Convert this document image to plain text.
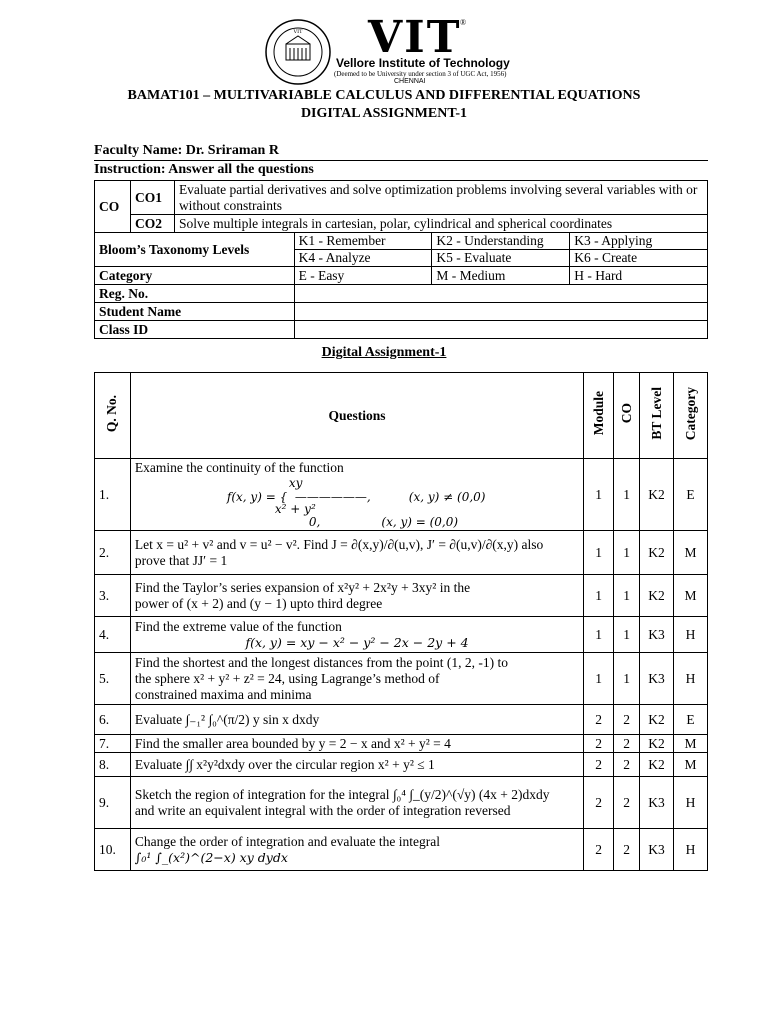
VIT VIT
®
Vellore Institute of Technology
(Deemed to be University under section 3 of UGC Act, 1956)
CHENNAI
BAMAT101 – MULTIVARIABLE CALCULUS AND DIFFERENTIAL EQUATIONS
DIGITAL ASSIGNMENT-1
Faculty Name: Dr. Sriraman R
Instruction: Answer all the questions
CO	CO1	Evaluate partial derivatives and solve optimization problems involving several variables with or without constraints			
	CO2	Solve multiple integrals in cartesian, polar, cylindrical and spherical coordinates			
Bloom’s Taxonomy Levels			K1 - Remember	K2 - Understanding	K3 - Applying
			K4 - Analyze	K5 - Evaluate	K6 - Create
Category			E - Easy	M - Medium	H - Hard
Reg. No.					
Student Name					
Class ID					
Digital Assignment-1
Q. No.	Questions	Module	CO	BT Level	Category
1.	Examine the continuity of the function
xy
f(x, y) = {  ——————,          (x, y) ≠ (0,0)
x² + y²
0,                (x, y) = (0,0)	1	1	K2	E
2.	Let x = u² + v² and v = u² − v². Find J = ∂(x,y)/∂(u,v), J′ = ∂(u,v)/∂(x,y) also
prove that JJ′ = 1	1	1	K2	M
3.	Find the Taylor’s series expansion of x²y² + 2x²y + 3xy² in the
power of (x + 2) and (y − 1) upto third degree	1	1	K2	M
4.	Find the extreme value of the function
f(x, y) = xy − x² − y² − 2x − 2y + 4	1	1	K3	H
5.	Find the shortest and the longest distances from the point (1, 2, -1) to
the sphere x² + y² + z² = 24, using Lagrange’s method of
constrained maxima and minima	1	1	K3	H
6.	Evaluate ∫₋₁² ∫₀^(π/2) y sin x dxdy	2	2	K2	E
7.	Find the smaller area bounded by y = 2 − x and x² + y² = 4	2	2	K2	M
8.	Evaluate ∫∫ x²y²dxdy over the circular region x² + y² ≤ 1	2	2	K2	M
9.	Sketch the region of integration for the integral ∫₀⁴ ∫_(y/2)^(√y) (4x + 2)dxdy
and write an equivalent integral with the order of integration reversed	2	2	K3	H
10.	Change the order of integration and evaluate the integral
∫₀¹ ∫_(x²)^(2−x) xy dydx	2	2	K3	H
